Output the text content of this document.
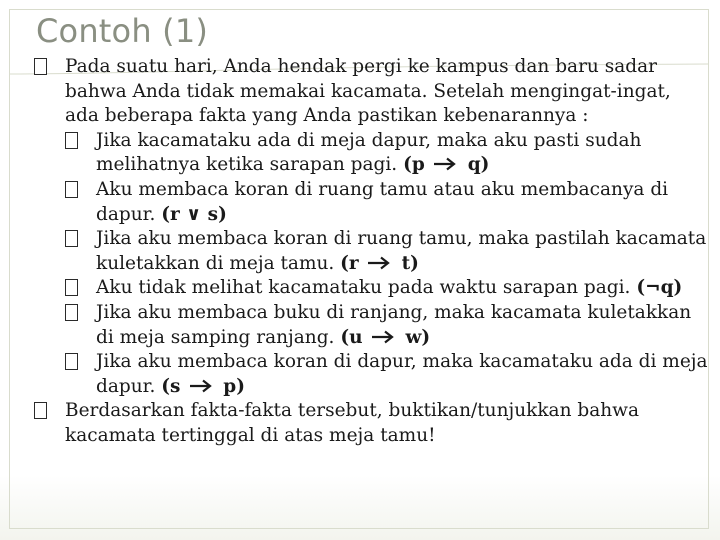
Contoh (1)
Pada suatu hari, Anda hendak pergi ke kampus dan baru sadar bahwa Anda tidak memakai kacamata. Setelah mengingat-ingat, ada beberapa fakta yang Anda pastikan kebenarannya :
Jika kacamataku ada di meja dapur, maka aku pasti sudah melihatnya ketika sarapan pagi. (p q)
Aku membaca koran di ruang tamu atau aku membacanya di dapur. (r ∨ s)
Jika aku membaca koran di ruang tamu, maka pastilah kacamata kuletakkan di meja tamu. (r t)
Aku tidak melihat kacamataku pada waktu sarapan pagi. (¬q)
Jika aku membaca buku di ranjang, maka kacamata kuletakkan di meja samping ranjang. (u w)
Jika aku membaca koran di dapur, maka kacamataku ada di meja dapur. (s p)
Berdasarkan fakta-fakta tersebut, buktikan/tunjukkan bahwa kacamata tertinggal di atas meja tamu!
